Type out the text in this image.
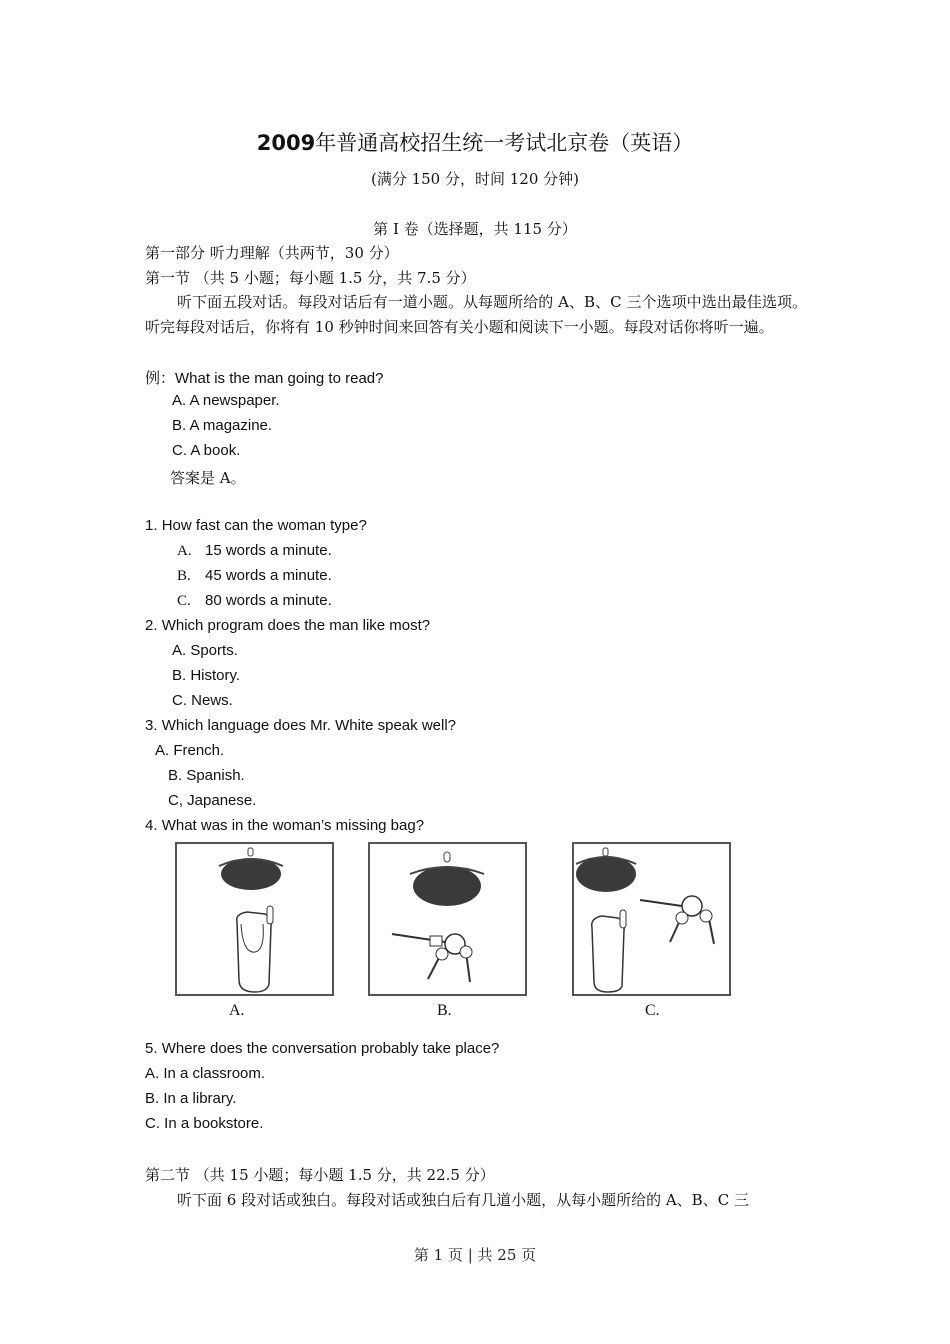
2009年普通高校招生统一考试北京卷（英语）
(满分 150 分，时间 120 分钟)
第 I 卷（选择题，共 115 分）
第一部分 听力理解（共两节，30 分）
第一节 （共 5 小题；每小题 1.5 分，共 7.5 分）
听下面五段对话。每段对话后有一道小题。从每题所给的 A、B、C 三个选项中选出最佳选项。听完每段对话后，你将有 10 秒钟时间来回答有关小题和阅读下一小题。每段对话你将听一遍。
例：What is the man going to read?
A. A newspaper.
B. A magazine.
C. A book.
答案是 A。
1. How fast can the woman type?
A. 15 words a minute.
B. 45 words a minute.
C. 80 words a minute.
2. Which program does the man like most?
A. Sports.
B. History.
C. News.
3. Which language does Mr. White speak well?
A. French.
B. Spanish.
C, Japanese.
4. What was in the woman’s missing bag?
A.	B.	C.
5. Where does the conversation probably take place?
A. In a classroom.
B. In a library.
C. In a bookstore.
第二节 （共 15 小题；每小题 1.5 分，共 22.5 分）
听下面 6 段对话或独白。每段对话或独白后有几道小题，从每小题所给的 A、B、C 三
第 1 页 | 共 25 页
